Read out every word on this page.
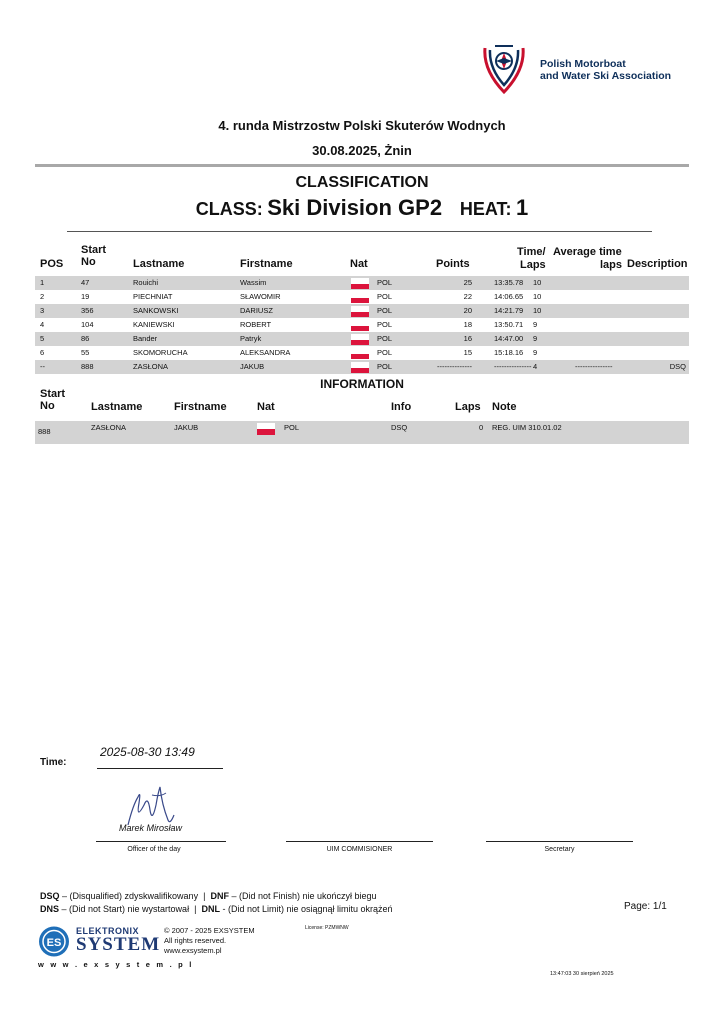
Polish Motorboat
and Water Ski Association
4. runda Mistrzostw Polski Skuterów Wodnych
30.08.2025, Żnin
CLASSIFICATION
CLASS: Ski Division GP2 HEAT: 1
POS
Start
No	Lastname	Firstname	Nat	Points
Time/
Laps
Average time
laps Description
1	47	Rouichi	Wassim	POL	25	13:35.78 10
2	19	PIECHNIAT	SŁAWOMIR	POL	22	14:06.65 10
3	356	SANKOWSKI	DARIUSZ	POL	20	14:21.79 10
4	104	KANIEWSKI	ROBERT	POL	18	13:50.71 9
5	86	Bander	Patryk	POL	16	14:47.00 9
6	55	SKOMORUCHA	ALEKSANDRA	POL	15	15:18.16 9
--	888	ZASŁONA	JAKUB	POL	--------------	--------------- 4	---------------	DSQ
INFORMATION
Start
No	Lastname	Firstname	Nat	Info	Laps Note
888	ZASŁONA	JAKUB	POL	DSQ	0 REG. UIM 310.01.02
Time:
2025-08-30 13:49
Marek Mirosław
Officer of the day	UIM COMMISIONER	Secretary
DSQ – (Disqualified) zdyskwalifikowany | DNF – (Did not Finish) nie ukończył biegu
DNS – (Did not Start) nie wystartował | DNL - (Did not Limit) nie osiągnął limitu okrążeń	Page: 1/1
ES
ELEKTRONIX
SYSTEM
w w w . e x s y s t e m . p l
© 2007 - 2025 EXSYSTEM
All rights reserved.
www.exsystem.pl
License: PZMWNW
13:47:03 30 sierpień 2025
